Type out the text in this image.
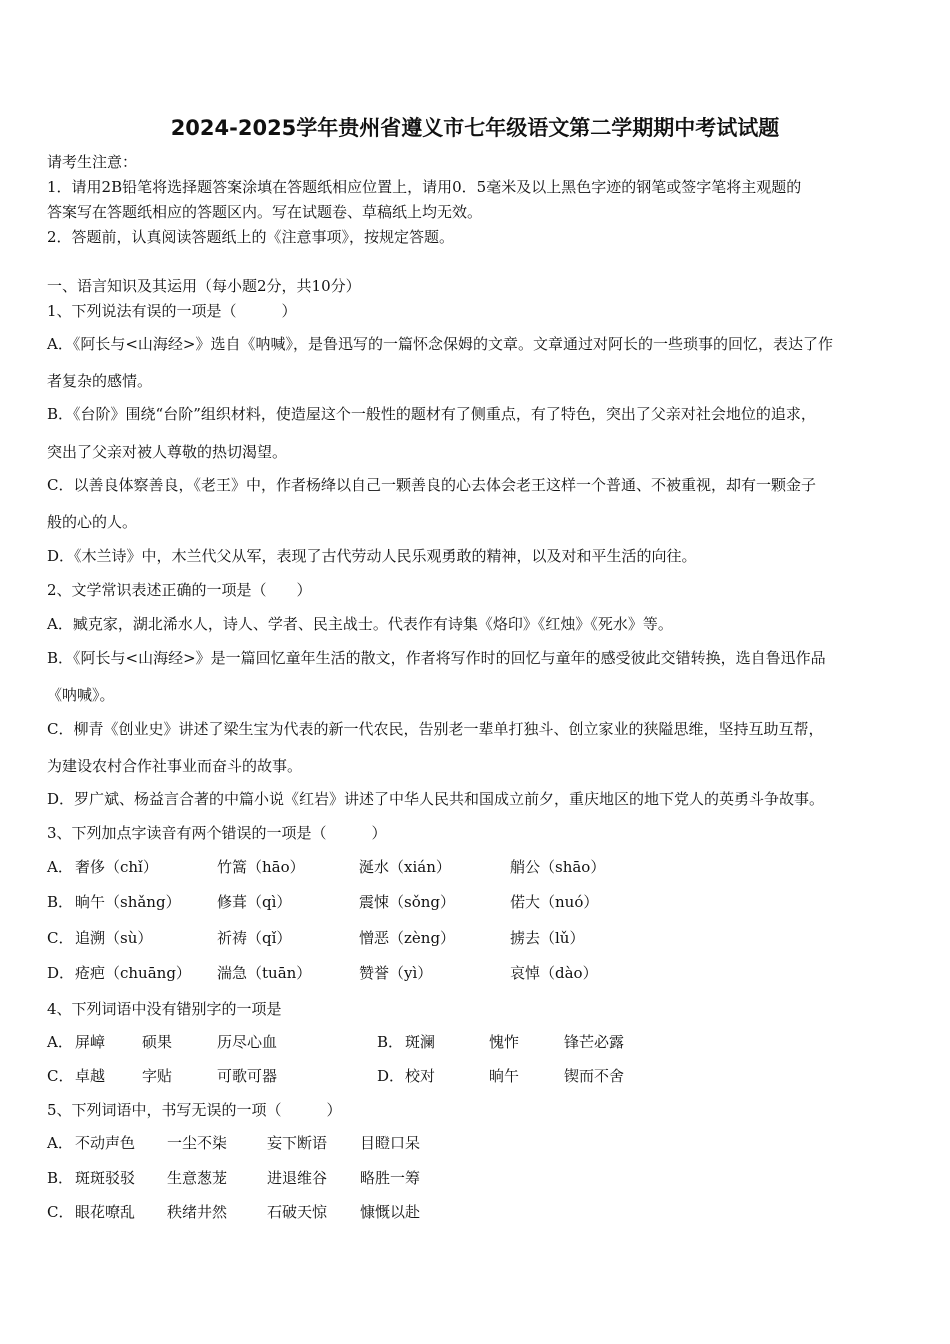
2024-2025学年贵州省遵义市七年级语文第二学期期中考试试题
请考生注意：
1．请用2B铅笔将选择题答案涂填在答题纸相应位置上，请用0．5毫米及以上黑色字迹的钢笔或签字笔将主观题的
答案写在答题纸相应的答题区内。写在试题卷、草稿纸上均无效。
2．答题前，认真阅读答题纸上的《注意事项》，按规定答题。
一、语言知识及其运用（每小题2分，共10分）
1、下列说法有误的一项是（　　　）
A．《阿长与<山海经>》选自《呐喊》，是鲁迅写的一篇怀念保姆的文章。文章通过对阿长的一些琐事的回忆，表达了作
者复杂的感情。
B．《台阶》围绕“台阶”组织材料，使造屋这个一般性的题材有了侧重点，有了特色，突出了父亲对社会地位的追求，
突出了父亲对被人尊敬的热切渴望。
C．以善良体察善良，《老王》中，作者杨绛以自己一颗善良的心去体会老王这样一个普通、不被重视，却有一颗金子
般的心的人。
D．《木兰诗》中，木兰代父从军，表现了古代劳动人民乐观勇敢的精神，以及对和平生活的向往。
2、文学常识表述正确的一项是（　　）
A．臧克家，湖北浠水人，诗人、学者、民主战士。代表作有诗集《烙印》《红烛》《死水》等。
B．《阿长与<山海经>》是一篇回忆童年生活的散文，作者将写作时的回忆与童年的感受彼此交错转换，选自鲁迅作品
《呐喊》。
C．柳青《创业史》讲述了梁生宝为代表的新一代农民，告别老一辈单打独斗、创立家业的狭隘思维，坚持互助互帮，
为建设农村合作社事业而奋斗的故事。
D．罗广斌、杨益言合著的中篇小说《红岩》讲述了中华人民共和国成立前夕，重庆地区的地下党人的英勇斗争故事。
3、下列加点字读音有两个错误的一项是（　　　）
A． 奢侈（chǐ）	竹篙（hāo）	涎水（xián）	艄公（shāo）
B． 晌午（shǎng） 修葺（qì）	震悚（sǒng）	偌大（nuó）
C． 追溯（sù）	祈祷（qǐ）	憎恶（zèng）	掳去（lǔ）
D． 疮疤（chuāng） 湍急（tuān）	赞誉（yì）	哀悼（dào）
4、下列词语中没有错别字的一项是
A． 屏嶂 硕果	历尽心血	B． 斑澜	愧怍	锋芒必露
C． 卓越 字贴	可歌可器	D． 校对	晌午	锲而不舍
5、下列词语中，书写无误的一项（　　　）
A． 不动声色 一尘不柒	妄下断语 目瞪口呆
B． 斑斑驳驳 生意葱茏	进退维谷 略胜一筹
C． 眼花嘹乱 秩绪井然	石破天惊 慷慨以赴
